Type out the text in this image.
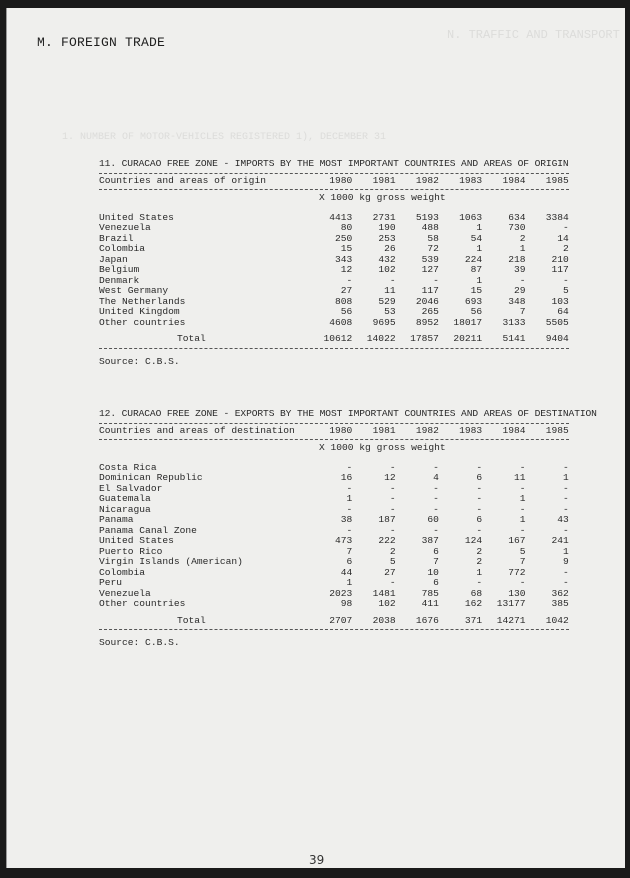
N. TRAFFIC AND TRANSPORT
1. NUMBER OF MOTOR-VEHICLES REGISTERED 1), DECEMBER 31
M. FOREIGN TRADE
11. CURACAO FREE ZONE - IMPORTS BY THE MOST IMPORTANT COUNTRIES AND AREAS OF ORIGIN
Countries and areas of origin	1980	1981	1982	1983	1984	1985
X 1000 kg gross weight
United States	4413	2731	5193	1063	634	3384
Venezuela	80	190	488	1	730	-
Brazil	250	253	58	54	2	14
Colombia	15	26	72	1	1	2
Japan	343	432	539	224	218	210
Belgium	12	102	127	87	39	117
Denmark	-	-	-	1	-	-
West Germany	27	11	117	15	29	5
The Netherlands	808	529	2046	693	348	103
United Kingdom	56	53	265	56	7	64
Other countries	4608	9695	8952	18017	3133	5505
Total	10612	14022	17857	20211	5141	9404
Source: C.B.S.
12. CURACAO FREE ZONE - EXPORTS BY THE MOST IMPORTANT COUNTRIES AND AREAS OF DESTINATION
Countries and areas of destination	1980	1981	1982	1983	1984	1985
X 1000 kg gross weight
Costa Rica	-	-	-	-	-	-
Dominican Republic	16	12	4	6	11	1
El Salvador	-	-	-	-	-	-
Guatemala	1	-	-	-	1	-
Nicaragua	-	-	-	-	-	-
Panama	38	187	60	6	1	43
Panama Canal Zone	-	-	-	-	-	-
United States	473	222	387	124	167	241
Puerto Rico	7	2	6	2	5	1
Virgin Islands (American)	6	5	7	2	7	9
Colombia	44	27	10	1	772	-
Peru	1	-	6	-	-	-
Venezuela	2023	1481	785	68	130	362
Other countries	98	102	411	162	13177	385
Total	2707	2038	1676	371	14271	1042
Source: C.B.S.
39
